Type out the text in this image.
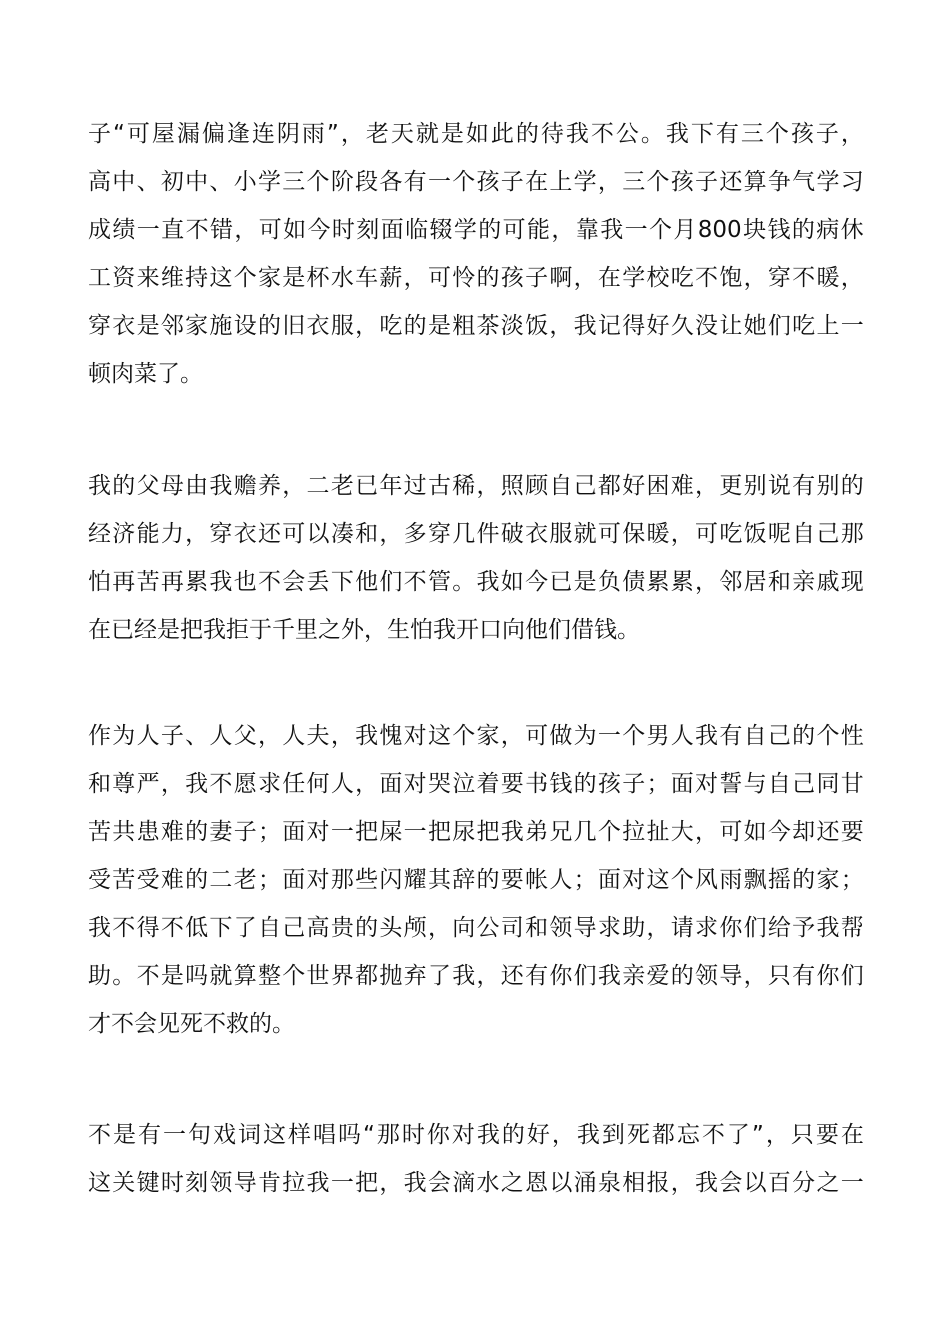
子 “ 可 屋 漏 偏 逢 连 阴 雨 ” ， 老 天 就 是 如 此 的 待 我 不 公 。 我 下 有 三 个 孩 子 ，
高 中 、 初 中 、 小 学 三 个 阶 段 各 有 一 个 孩 子 在 上 学 ， 三 个 孩 子 还 算 争 气 学 习
成 绩 一 直 不 错 ， 可 如 今 时 刻 面 临 辍 学 的 可 能 ， 靠 我 一 个 月 800 块 钱 的 病 休
工 资 来 维 持 这 个 家 是 杯 水 车 薪 ， 可 怜 的 孩 子 啊 ， 在 学 校 吃 不 饱 ， 穿 不 暖 ，
穿 衣 是 邻 家 施 设 的 旧 衣 服 ， 吃 的 是 粗 茶 淡 饭 ， 我 记 得 好 久 没 让 她 们 吃 上 一
顿肉菜了。
我 的 父 母 由 我 赡 养 ， 二 老 已 年 过 古 稀 ， 照 顾 自 己 都 好 困 难 ， 更 别 说 有 别 的
经 济 能 力 ， 穿 衣 还 可 以 凑 和 ， 多 穿 几 件 破 衣 服 就 可 保 暖 ， 可 吃 饭 呢 自 己 那
怕 再 苦 再 累 我 也 不 会 丢 下 他 们 不 管 。 我 如 今 已 是 负 债 累 累 ， 邻 居 和 亲 戚 现
在已经是把我拒于千里之外，生怕我开口向他们借钱。
作 为 人 子 、 人 父 ， 人 夫 ， 我 愧 对 这 个 家 ， 可 做 为 一 个 男 人 我 有 自 己 的 个 性
和 尊 严 ， 我 不 愿 求 任 何 人 ， 面 对 哭 泣 着 要 书 钱 的 孩 子 ； 面 对 誓 与 自 己 同 甘
苦 共 患 难 的 妻 子 ； 面 对 一 把 屎 一 把 尿 把 我 弟 兄 几 个 拉 扯 大 ， 可 如 今 却 还 要
受 苦 受 难 的 二 老 ； 面 对 那 些 闪 耀 其 辞 的 要 帐 人 ； 面 对 这 个 风 雨 飘 摇 的 家 ；
我 不 得 不 低 下 了 自 己 高 贵 的 头 颅 ， 向 公 司 和 领 导 求 助 ， 请 求 你 们 给 予 我 帮
助 。 不 是 吗 就 算 整 个 世 界 都 抛 弃 了 我 ， 还 有 你 们 我 亲 爱 的 领 导 ， 只 有 你 们
才不会见死不救的。
不 是 有 一 句 戏 词 这 样 唱 吗 “ 那 时 你 对 我 的 好 ， 我 到 死 都 忘 不 了 ” ， 只 要 在
这 关 键 时 刻 领 导 肯 拉 我 一 把 ， 我 会 滴 水 之 恩 以 涌 泉 相 报 ， 我 会 以 百 分 之 一
